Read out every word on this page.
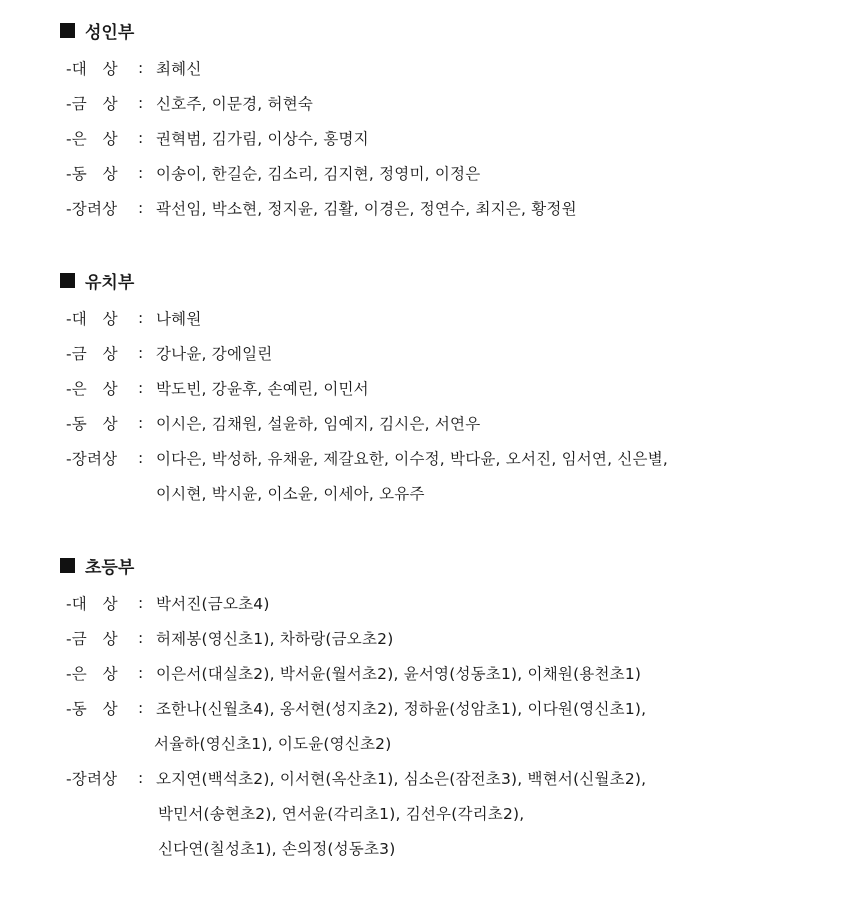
성인부
-대　상	: 최혜신
-금　상	: 신호주, 이문경, 허현숙
-은　상	: 권혁범, 김가림, 이상수, 홍명지
-동　상	: 이송이, 한길순, 김소리, 김지현, 정영미, 이정은
-장려상	: 곽선임, 박소현, 정지윤, 김활, 이경은, 정연수, 최지은, 황정원
유치부
-대　상	: 나혜원
-금　상	: 강나윤, 강에일린
-은　상	: 박도빈, 강윤후, 손예린, 이민서
-동　상	: 이시은, 김채원, 설윤하, 임예지, 김시은, 서연우
-장려상	: 이다은, 박성하, 유채윤, 제갈요한, 이수정, 박다윤, 오서진, 임서연, 신은별,
이시현, 박시윤, 이소윤, 이세아, 오유주
초등부
-대　상	: 박서진(금오초4)
-금　상	: 허제봉(영신초1), 차하랑(금오초2)
-은　상	: 이은서(대실초2), 박서윤(월서초2), 윤서영(성동초1), 이채원(용천초1)
-동　상	: 조한나(신월초4), 옹서현(성지초2), 정하윤(성암초1), 이다원(영신초1),
서율하(영신초1), 이도윤(영신초2)
-장려상	: 오지연(백석초2), 이서현(옥산초1), 심소은(잠전초3), 백현서(신월초2),
박민서(송현초2), 연서윤(각리초1), 김선우(각리초2),
신다연(칠성초1), 손의정(성동초3)
